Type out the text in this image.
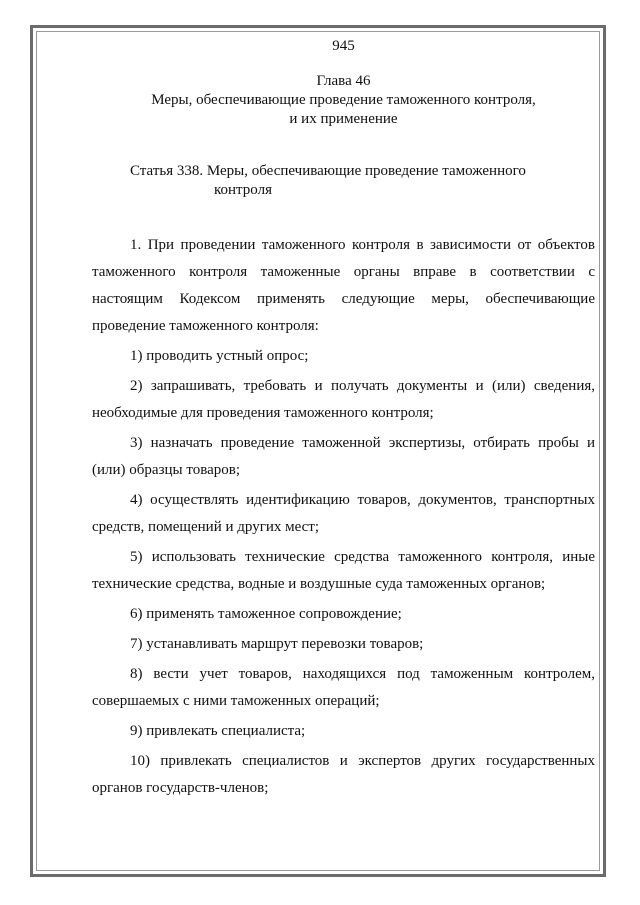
945
Глава 46
Меры, обеспечивающие проведение таможенного контроля,
и их применение
Статья 338. Меры, обеспечивающие проведение таможенного
контроля

1. При проведении таможенного контроля в зависимости от объектов таможенного контроля таможенные органы вправе в соответствии с настоящим Кодексом применять следующие меры, обеспечивающие проведение таможенного контроля:

1) проводить устный опрос;

2) запрашивать, требовать и получать документы и (или) сведения, необходимые для проведения таможенного контроля;

3) назначать проведение таможенной экспертизы, отбирать пробы и (или) образцы товаров;

4) осуществлять идентификацию товаров, документов, транспортных средств, помещений и других мест;

5) использовать технические средства таможенного контроля, иные технические средства, водные и воздушные суда таможенных органов;

6) применять таможенное сопровождение;

7) устанавливать маршрут перевозки товаров;

8) вести учет товаров, находящихся под таможенным контролем, совершаемых с ними таможенных операций;

9) привлекать специалиста;

10) привлекать специалистов и экспертов других государственных органов государств-членов;
